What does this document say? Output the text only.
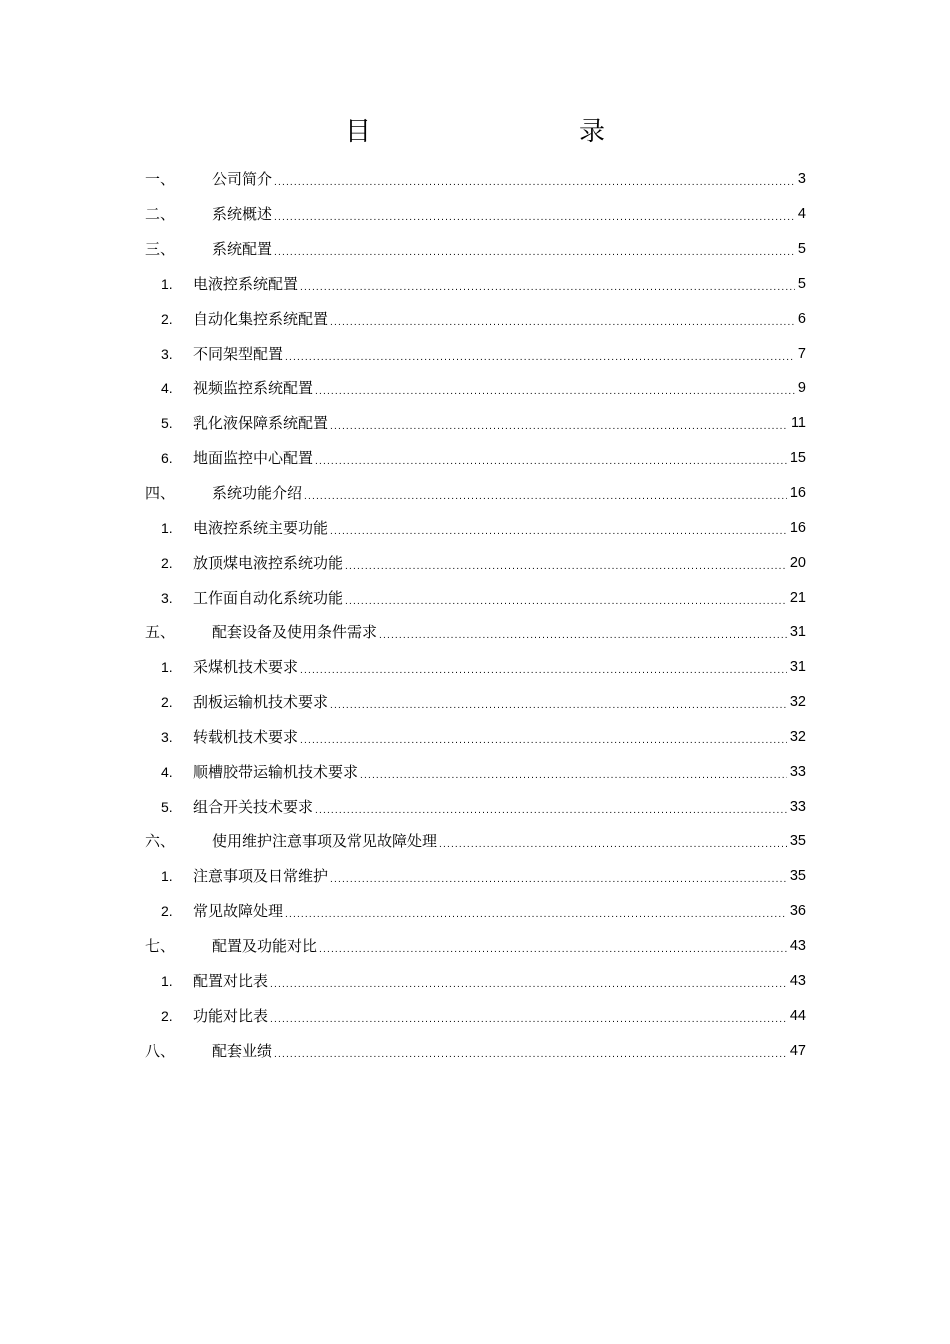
目　　录
一、	公司简介 .....	3
二、	系统概述 .....	4
三、	系统配置 .....	5
1.	电液控系统配置 .....	5
2.	自动化集控系统配置 .....	6
3.	不同架型配置 .....	7
4.	视频监控系统配置 .....	9
5.	乳化液保障系统配置 .....	11
6.	地面监控中心配置 .....	15
四、	系统功能介绍 .....	16
1.	电液控系统主要功能 .....	16
2.	放顶煤电液控系统功能 .....	20
3.	工作面自动化系统功能 .....	21
五、	配套设备及使用条件需求 .....	31
1.	采煤机技术要求 .....	31
2.	刮板运输机技术要求 .....	32
3.	转载机技术要求 .....	32
4.	顺槽胶带运输机技术要求 .....	33
5.	组合开关技术要求 .....	33
六、	使用维护注意事项及常见故障处理 .....	35
1.	注意事项及日常维护 .....	35
2.	常见故障处理 .....	36
七、	配置及功能对比 .....	43
1.	配置对比表 .....	43
2.	功能对比表 .....	44
八、	配套业绩 .....	47
